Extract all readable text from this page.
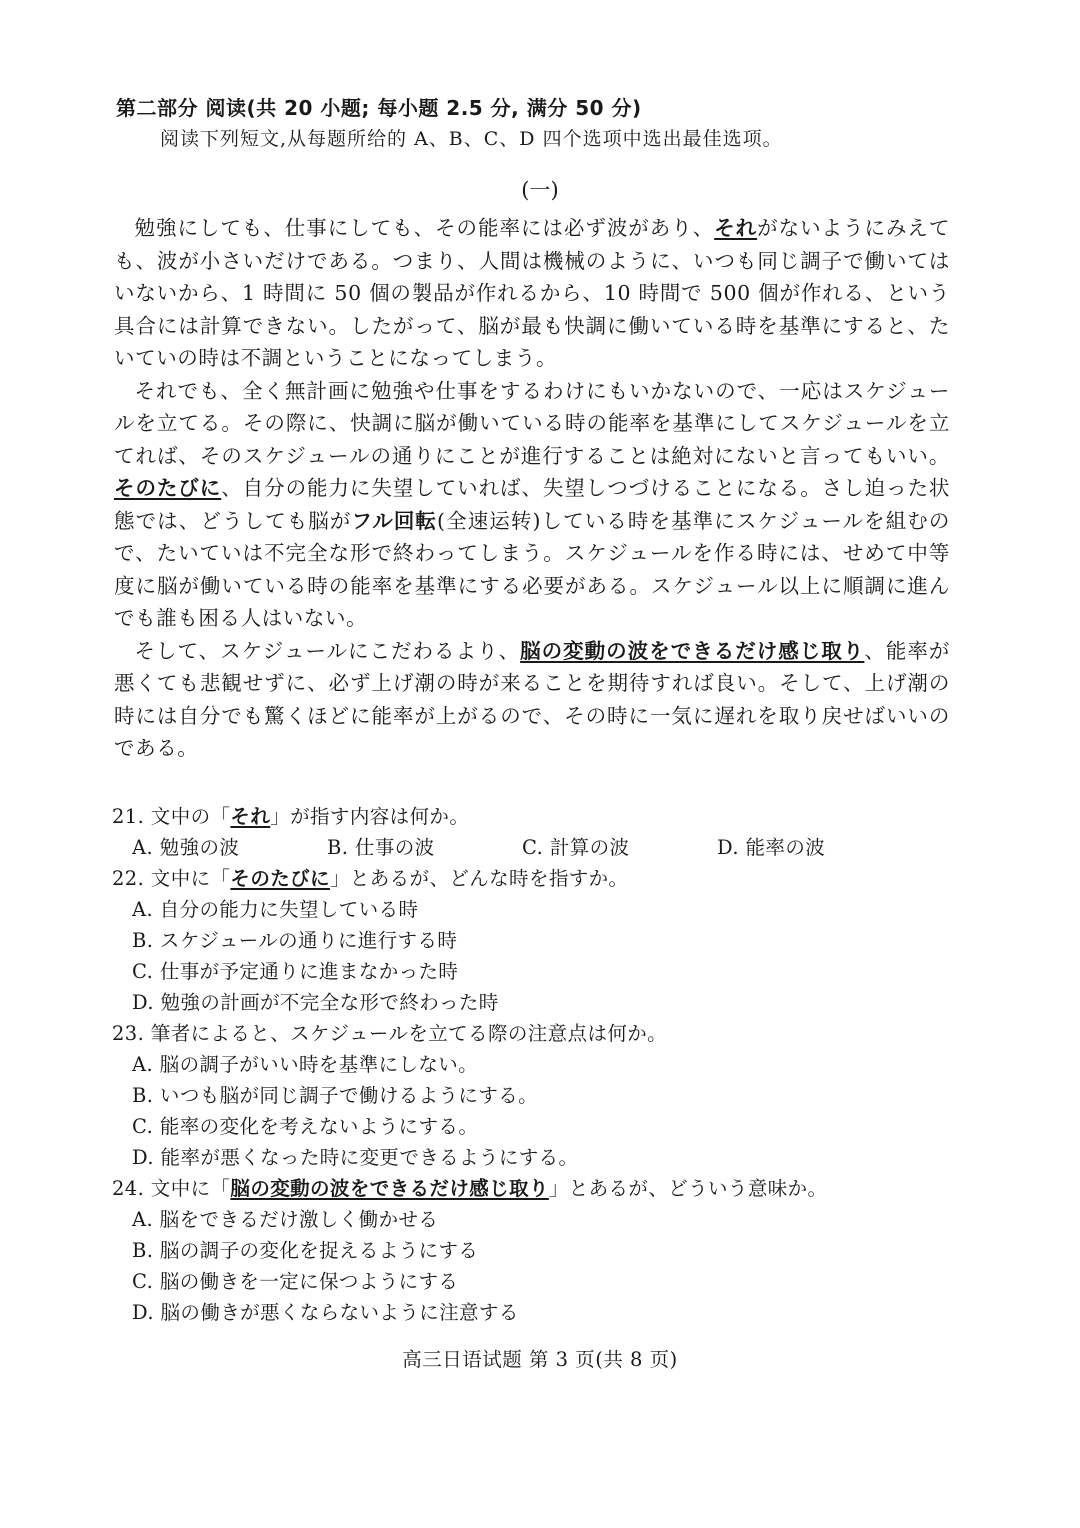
第二部分 阅读(共 20 小题; 每小题 2.5 分, 满分 50 分)
阅读下列短文,从每题所给的 A、B、C、D 四个选项中选出最佳选项。
(一)

勉強にしても、仕事にしても、その能率には必ず波があり、それがないようにみえても、波が小さいだけである。つまり、人間は機械のように、いつも同じ調子で働いてはいないから、1 時間に 50 個の製品が作れるから、10 時間で 500 個が作れる、という具合には計算できない。したがって、脳が最も快調に働いている時を基準にすると、たいていの時は不調ということになってしまう。

それでも、全く無計画に勉強や仕事をするわけにもいかないので、一応はスケジュールを立てる。その際に、快調に脳が働いている時の能率を基準にしてスケジュールを立てれば、そのスケジュールの通りにことが進行することは絶対にないと言ってもいい。そのたびに、自分の能力に失望していれば、失望しつづけることになる。さし迫った状態では、どうしても脳がフル回転(全速运转)している時を基準にスケジュールを組むので、たいていは不完全な形で終わってしまう。スケジュールを作る時には、せめて中等度に脳が働いている時の能率を基準にする必要がある。スケジュール以上に順調に進んでも誰も困る人はいない。

そして、スケジュールにこだわるより、脳の変動の波をできるだけ感じ取り、能率が悪くても悲観せずに、必ず上げ潮の時が来ることを期待すれば良い。そして、上げ潮の時には自分でも驚くほどに能率が上がるので、その時に一気に遅れを取り戻せばいいのである。

21. 文中の「それ」が指す内容は何か。
A. 勉強の波	B. 仕事の波	C. 計算の波	D. 能率の波
22. 文中に「そのたびに」とあるが、どんな時を指すか。
A. 自分の能力に失望している時
B. スケジュールの通りに進行する時
C. 仕事が予定通りに進まなかった時
D. 勉強の計画が不完全な形で終わった時
23. 筆者によると、スケジュールを立てる際の注意点は何か。
A. 脳の調子がいい時を基準にしない。
B. いつも脳が同じ調子で働けるようにする。
C. 能率の変化を考えないようにする。
D. 能率が悪くなった時に変更できるようにする。
24. 文中に「脳の変動の波をできるだけ感じ取り」とあるが、どういう意味か。
A. 脳をできるだけ激しく働かせる
B. 脳の調子の変化を捉えるようにする
C. 脳の働きを一定に保つようにする
D. 脳の働きが悪くならないように注意する
高三日语试题 第 3 页(共 8 页)
